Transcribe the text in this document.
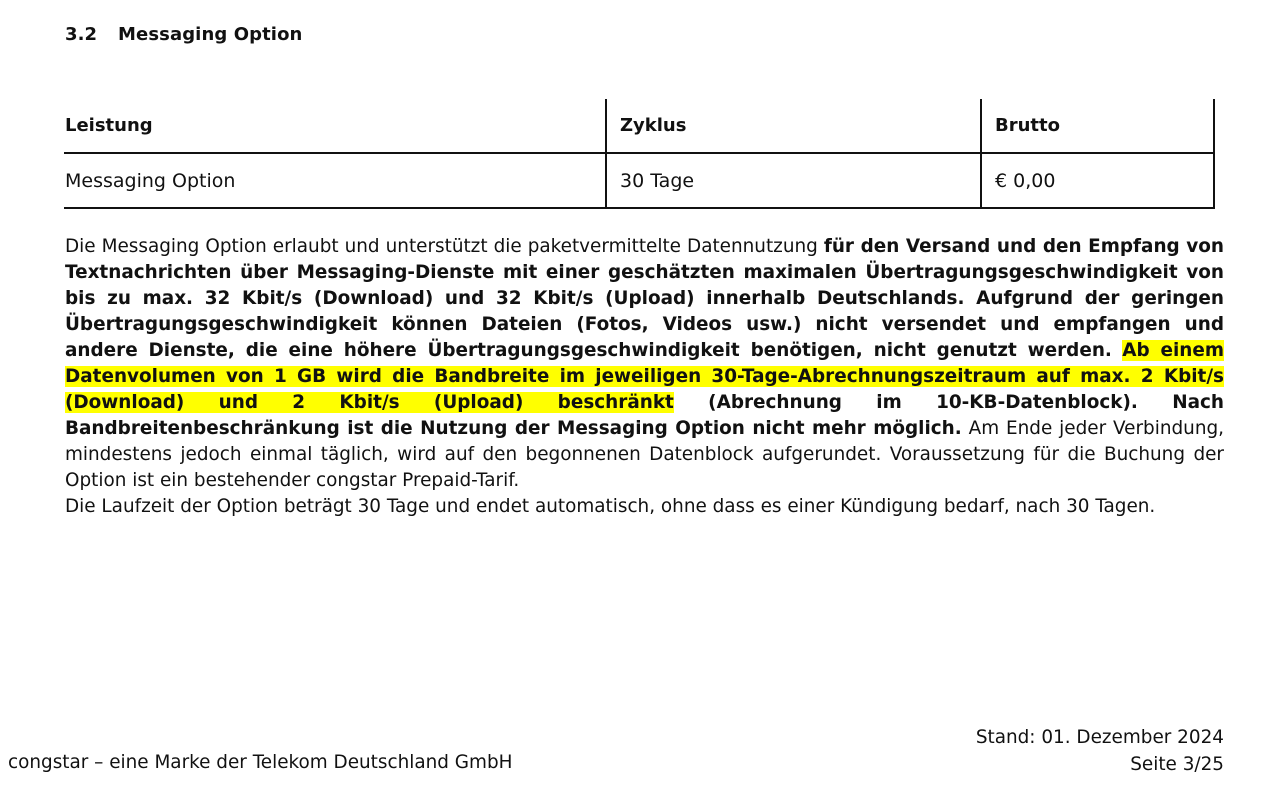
3.2 Messaging Option
Leistung	Zyklus	Brutto
Messaging Option	30 Tage	€ 0,00
Die Messaging Option erlaubt und unterstützt die paketvermittelte Datennutzung für den Versand und den Empfang von Textnachrichten über Messaging-Dienste mit einer geschätzten maximalen Übertragungsgeschwindigkeit von bis zu max. 32 Kbit/s (Download) und 32 Kbit/s (Upload) innerhalb Deutschlands. Aufgrund der geringen Übertragungsgeschwindigkeit können Dateien (Fotos, Videos usw.) nicht versendet und empfangen und andere Dienste, die eine höhere Übertragungsgeschwindigkeit benötigen, nicht genutzt werden. Ab einem Datenvolumen von 1 GB wird die Bandbreite im jeweiligen 30-Tage-Abrechnungszeitraum auf max. 2 Kbit/s (Download) und 2 Kbit/s (Upload) beschränkt (Abrechnung im 10-KB-Datenblock). Nach Bandbreitenbeschränkung ist die Nutzung der Messaging Option nicht mehr möglich. Am Ende jeder Verbindung, mindestens jedoch einmal täglich, wird auf den begonnenen Datenblock aufgerundet. Voraussetzung für die Buchung der Option ist ein bestehender congstar Prepaid-Tarif.
Die Laufzeit der Option beträgt 30 Tage und endet automatisch, ohne dass es einer Kündigung bedarf, nach 30 Tagen.
congstar – eine Marke der Telekom Deutschland GmbH
Stand: 01. Dezember 2024
Seite 3/25
